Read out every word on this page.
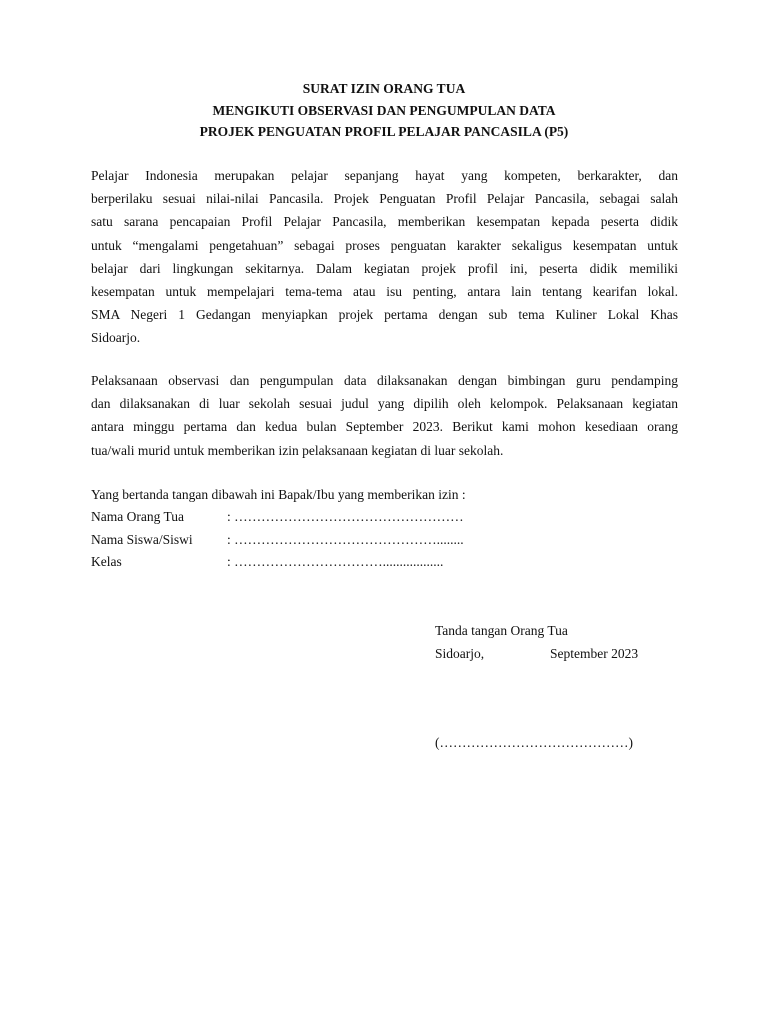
SURAT IZIN ORANG TUA
MENGIKUTI OBSERVASI DAN PENGUMPULAN DATA
PROJEK PENGUATAN PROFIL PELAJAR PANCASILA (P5)
Pelajar Indonesia merupakan pelajar sepanjang hayat yang kompeten, berkarakter, dan
berperilaku sesuai nilai-nilai Pancasila. Projek Penguatan Profil Pelajar Pancasila, sebagai salah
satu sarana pencapaian Profil Pelajar Pancasila, memberikan kesempatan kepada peserta didik
untuk “mengalami pengetahuan” sebagai proses penguatan karakter sekaligus kesempatan untuk
belajar dari lingkungan sekitarnya. Dalam kegiatan projek profil ini, peserta didik memiliki
kesempatan untuk mempelajari tema-tema atau isu penting, antara lain tentang kearifan lokal.
SMA Negeri 1 Gedangan menyiapkan projek pertama dengan sub tema Kuliner Lokal Khas
Sidoarjo.
Pelaksanaan observasi dan pengumpulan data dilaksanakan dengan bimbingan guru pendamping
dan dilaksanakan di luar sekolah sesuai judul yang dipilih oleh kelompok. Pelaksanaan kegiatan
antara minggu pertama dan kedua bulan September 2023. Berikut kami mohon kesediaan orang
tua/wali murid untuk memberikan izin pelaksanaan kegiatan di luar sekolah.
Yang bertanda tangan dibawah ini Bapak/Ibu yang memberikan izin :
Nama Orang Tua	: ……………………………………………
Nama Siswa/Siswi	: ………………………………………........
Kelas	: ……………………………..................
Tanda tangan Orang Tua
Sidoarjo,	September 2023
(……………………………………)
